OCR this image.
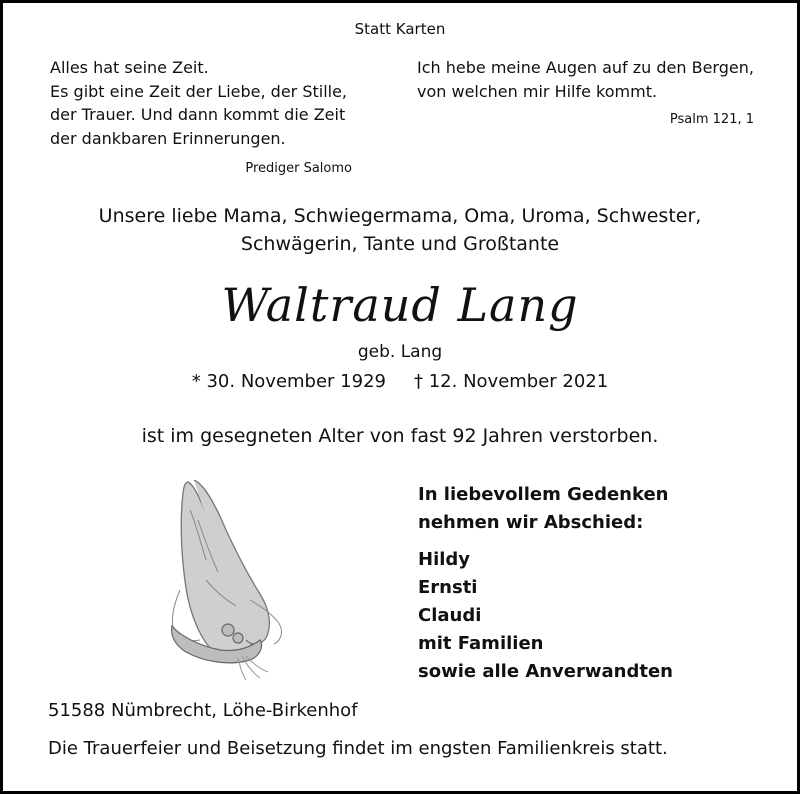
Statt Karten
Alles hat seine Zeit.
Es gibt eine Zeit der Liebe, der Stille,
der Trauer. Und dann kommt die Zeit
der dankbaren Erinnerungen.
Prediger Salomo
Ich hebe meine Augen auf zu den Bergen,
von welchen mir Hilfe kommt.
Psalm 121, 1
Unsere liebe Mama, Schwiegermama, Oma, Uroma, Schwester,
Schwägerin, Tante und Großtante
Waltraud Lang
geb. Lang
* 30. November 1929 † 12. November 2021
ist im gesegneten Alter von fast 92 Jahren verstorben.
In liebevollem Gedenken
nehmen wir Abschied:
Hildy
Ernsti
Claudi
mit Familien
sowie alle Anverwandten
51588 Nümbrecht, Löhe-Birkenhof
Die Trauerfeier und Beisetzung findet im engsten Familienkreis statt.
